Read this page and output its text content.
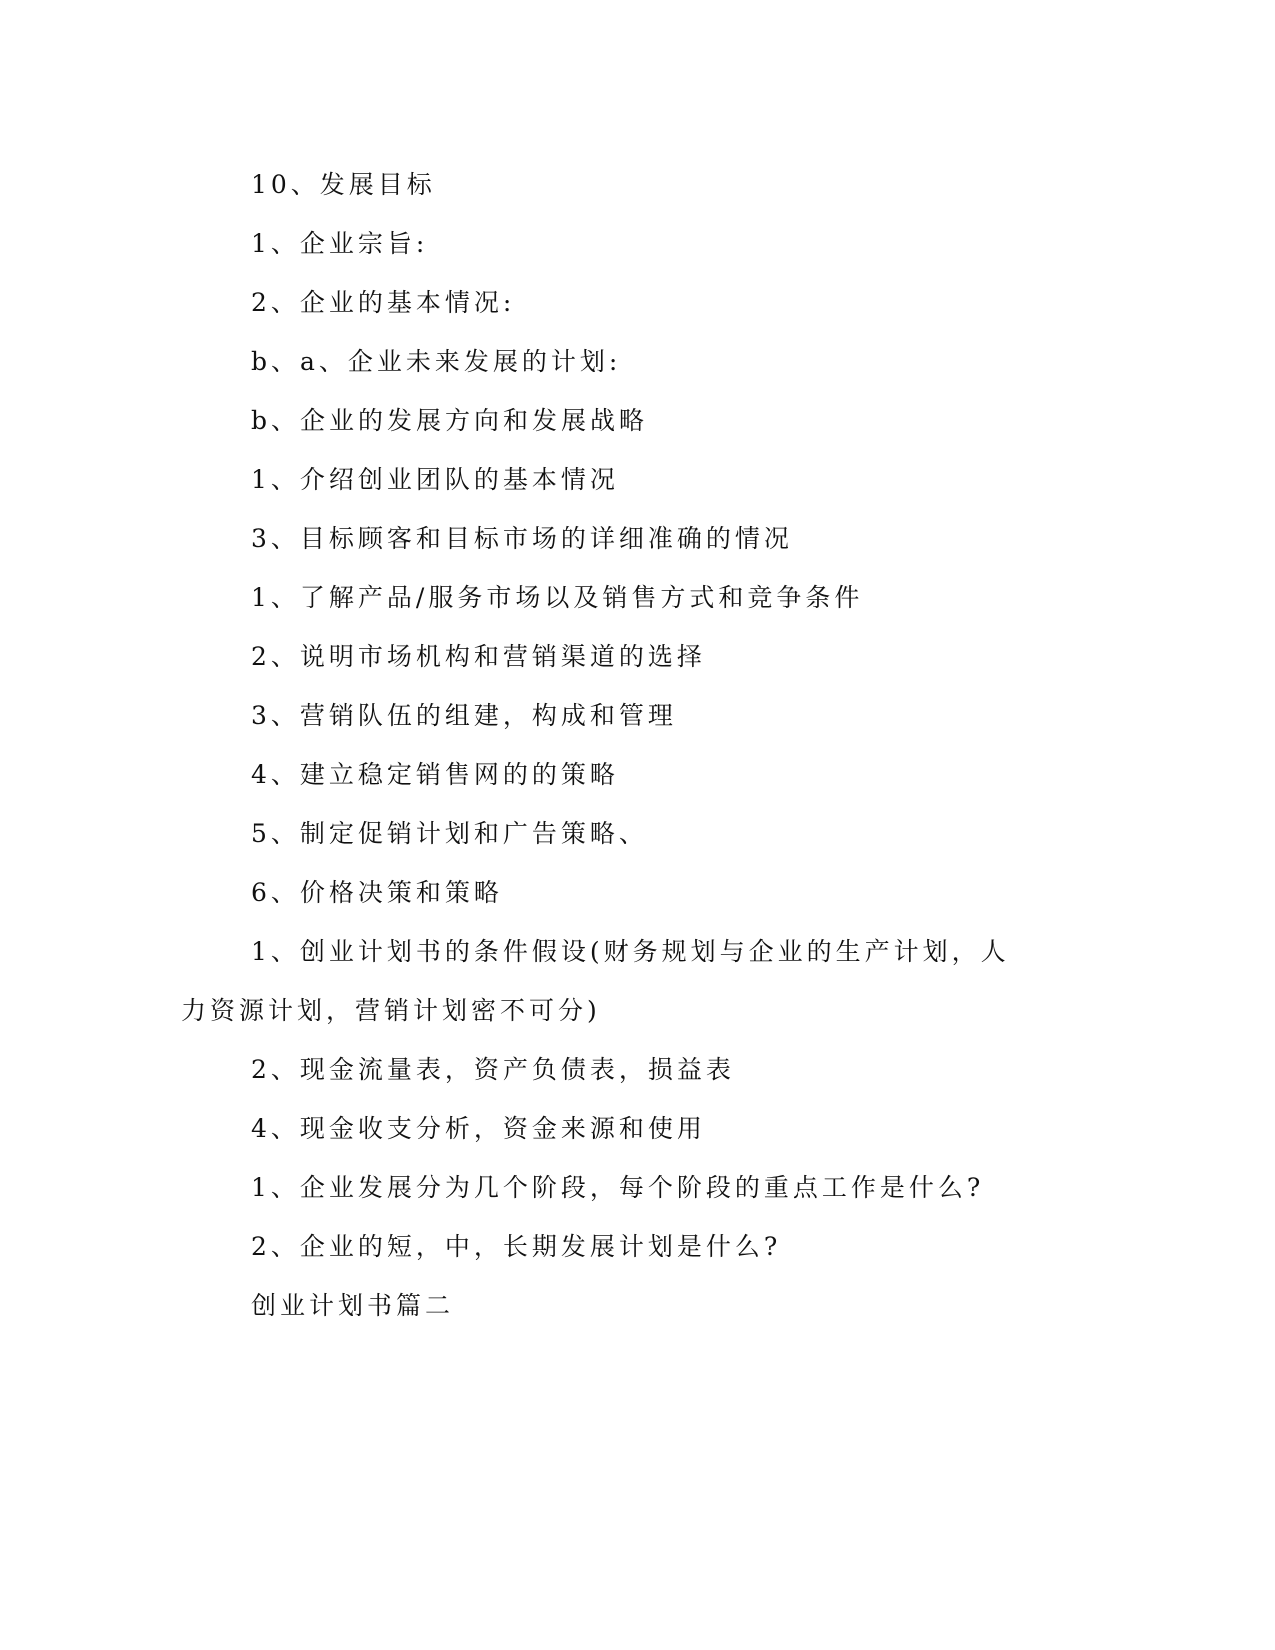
10、发展目标

1、企业宗旨:

2、企业的基本情况:

b、a、企业未来发展的计划:

b、企业的发展方向和发展战略

1、介绍创业团队的基本情况

3、目标顾客和目标市场的详细准确的情况

1、了解产品/服务市场以及销售方式和竞争条件

2、说明市场机构和营销渠道的选择

3、营销队伍的组建，构成和管理

4、建立稳定销售网的的策略

5、制定促销计划和广告策略、

6、价格决策和策略

1、创业计划书的条件假设(财务规划与企业的生产计划，人力资源计划，营销计划密不可分)

2、现金流量表，资产负债表，损益表

4、现金收支分析，资金来源和使用

1、企业发展分为几个阶段，每个阶段的重点工作是什么?

2、企业的短，中，长期发展计划是什么?

创业计划书篇二
